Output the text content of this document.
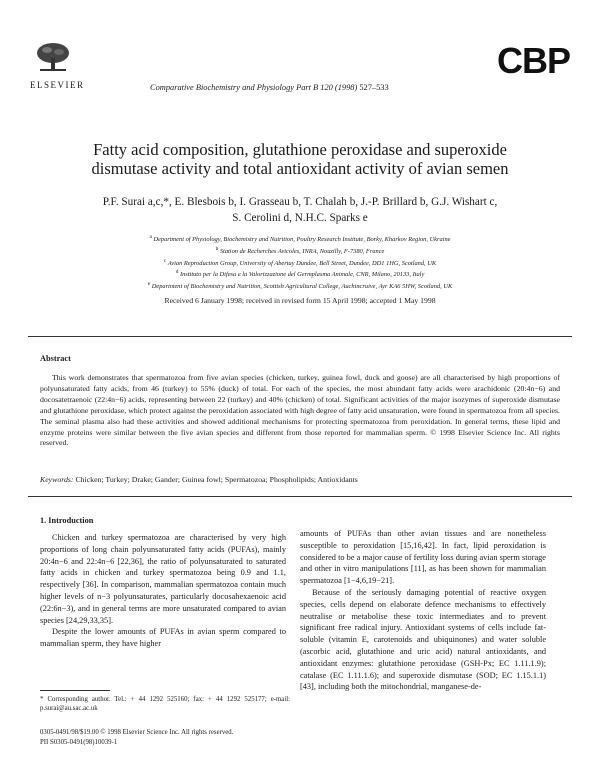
ELSEVIER	Comparative Biochemistry and Physiology Part B 120 (1998) 527–533
CBP
Fatty acid composition, glutathione peroxidase and superoxide
dismutase activity and total antioxidant activity of avian semen
P.F. Surai a,c,*, E. Blesbois b, I. Grasseau b, T. Chalah b, J.-P. Brillard b, G.J. Wishart c,
S. Cerolini d, N.H.C. Sparks e
$^a$ Department of Physiology, Biochemistry and Nutrition, Poultry Research Institute, Borky, Kharkov Region, Ukraine
$^b$ Station de Recherches Avicoles, INRA, Nouzilly, F-7380, France
$^c$ Avian Reproduction Group, University of Abertay Dundee, Bell Street, Dundee, DD1 1HG, Scotland, UK
$^d$ Instituto per la Difesa e la Valorizzazione del Germplasma Animale, CNR, Milano, 20133, Italy
$^e$ Department of Biochemistry and Nutrition, Scottish Agricultural College, Auchincruive, Ayr KA6 5HW, Scotland, UK
Received 6 January 1998; received in revised form 15 April 1998; accepted 1 May 1998
Abstract

This work demonstrates that spermatozoa from five avian species (chicken, turkey, guinea fowl, duck and goose) are all characterised by high proportions of polyunsaturated fatty acids, from 46 (turkey) to 55% (duck) of total. For each of the species, the most abundant fatty acids were arachidonic (20:4n−6) and docosatetraenoic (22:4n−6) acids, representing between 22 (turkey) and 40% (chicken) of total. Significant activities of the major isozymes of superoxide dismutase and glutathione peroxidase, which protect against the peroxidation associated with high degree of fatty acid unsaturation, were found in spermatozoa from all species. The seminal plasma also had these activities and showed additional mechanisms for protecting spermatozoa from peroxidation. In general terms, these lipid and enzyme proteins were similar between the five avian species and different from those reported for mammalian sperm. © 1998 Elsevier Science Inc. All rights reserved.

Keywords: Chicken; Turkey; Drake; Gander; Guinea fowl; Spermatozoa; Phospholipids; Antioxidants
1. Introduction

Chicken and turkey spermatozoa are characterised by very high proportions of long chain polyunsaturated fatty acids (PUFAs), mainly 20:4n−6 and 22:4n−6 [22,36], the ratio of polyunsaturated to saturated fatty acids in chicken and turkey spermatozoa being 0.9 and 1.1, respectively [36]. In comparison, mammalian spermatozoa contain much higher levels of n−3 polyunsaturates, particularly docosahexaenoic acid (22:6n−3), and in general terms are more unsaturated compared to avian species [24,29,33,35].

Despite the lower amounts of PUFAs in avian sperm compared to mammalian sperm, they have higher

amounts of PUFAs than other avian tissues and are nonetheless susceptible to peroxidation [15,16,42]. In fact, lipid peroxidation is considered to be a major cause of fertility loss during avian sperm storage and other in vitro manipulations [11], as has been shown for mammalian spermatozoa [1−4,6,19−21].

Because of the seriously damaging potential of reactive oxygen species, cells depend on elaborate defence mechanisms to effectively neutralise or metabolise these toxic intermediates and to prevent significant free radical injury. Antioxidant systems of cells include fat-soluble (vitamin E, carotenoids and ubiquinones) and water soluble (ascorbic acid, glutathione and uric acid) natural antioxidants, and antioxidant enzymes: glutathione peroxidase (GSH-Px; EC 1.11.1.9); catalase (EC 1.11.1.6); and superoxide dismutase (SOD; EC 1.15.1.1) [43], including both the mitochondrial, manganese-de-

* Corresponding author. Tel.: + 44 1292 525160; fax: + 44 1292 525177; e-mail: p.surai@au.sac.ac.uk

0305-0491/98/$19.00 © 1998 Elsevier Science Inc. All rights reserved.
PII S0305-0491(98)10039-1
